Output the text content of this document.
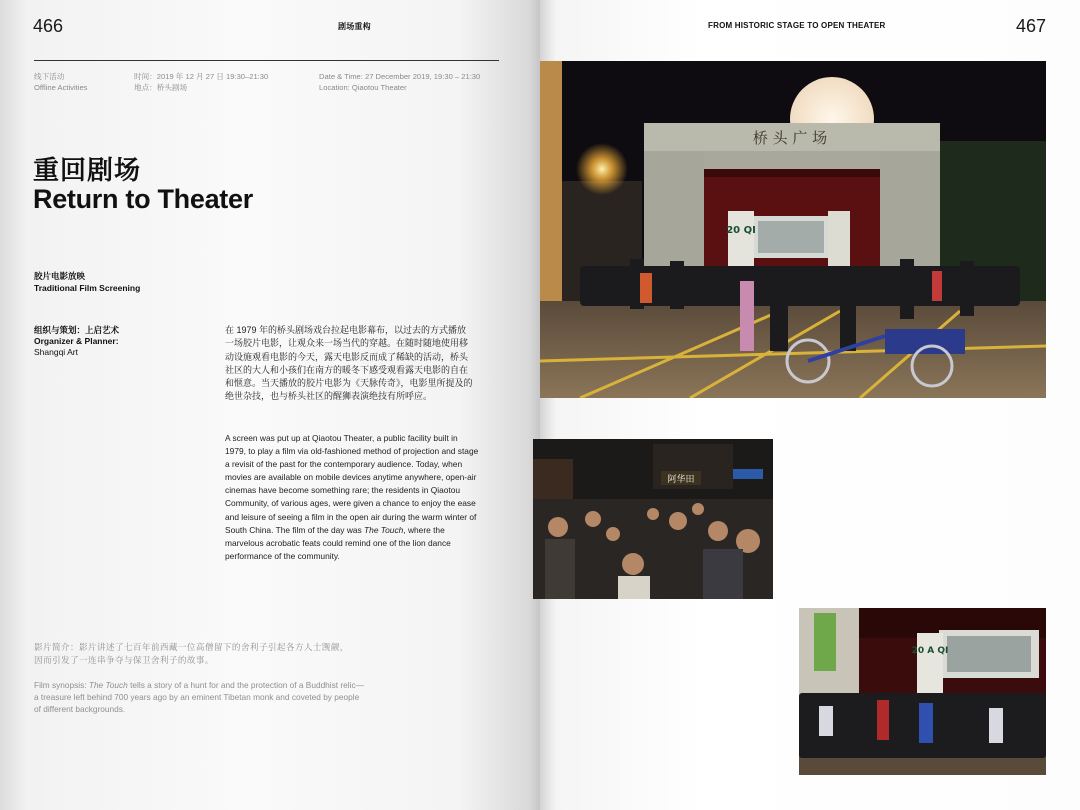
466	剧场重构
线下活动
Offline Activities
时间：2019 年 12 月 27 日 19:30–21:30
地点：桥头剧场
Date & Time: 27 December 2019, 19:30 – 21:30
Location: Qiaotou Theater
重回剧场
Return to Theater
胶片电影放映
Traditional Film Screening
组织与策划：上启艺术
Organizer & Planner:
Shangqi Art

在 1979 年的桥头剧场戏台拉起电影幕布，以过去的方式播放一场胶片电影，让观众来一场当代的穿越。在随时随地使用移动设施观看电影的今天，露天电影反而成了稀缺的活动，桥头社区的大人和小孩们在南方的暖冬下感受观看露天电影的自在和惬意。当天播放的胶片电影为《天脉传奇》，电影里所提及的绝世杂技，也与桥头社区的醒狮表演绝技有所呼应。

A screen was put up at Qiaotou Theater, a public facility built in 1979, to play a film via old-fashioned method of projection and stage a revisit of the past for the contemporary audience. Today, when movies are available on mobile devices anytime anywhere, open-air cinemas have become something rare; the residents in Qiaotou Community, of various ages, were given a chance to enjoy the ease and leisure of seeing a film in the open air during the warm winter of South China. The film of the day was The Touch, where the marvelous acrobatic feats could remind one of the lion dance performance of the community.

影片简介：影片讲述了七百年前西藏一位高僧留下的舍利子引起各方人士觊觎，因而引发了一连串争夺与保卫舍利子的故事。

Film synopsis: The Touch tells a story of a hunt for and the protection of a Buddhist relic—a treasure left behind 700 years ago by an eminent Tibetan monk and coveted by people of different backgrounds.

FROM HISTORIC STAGE TO OPEN THEATER	467
桥 头 广 场
20 QI
阿华田
20 A QI
